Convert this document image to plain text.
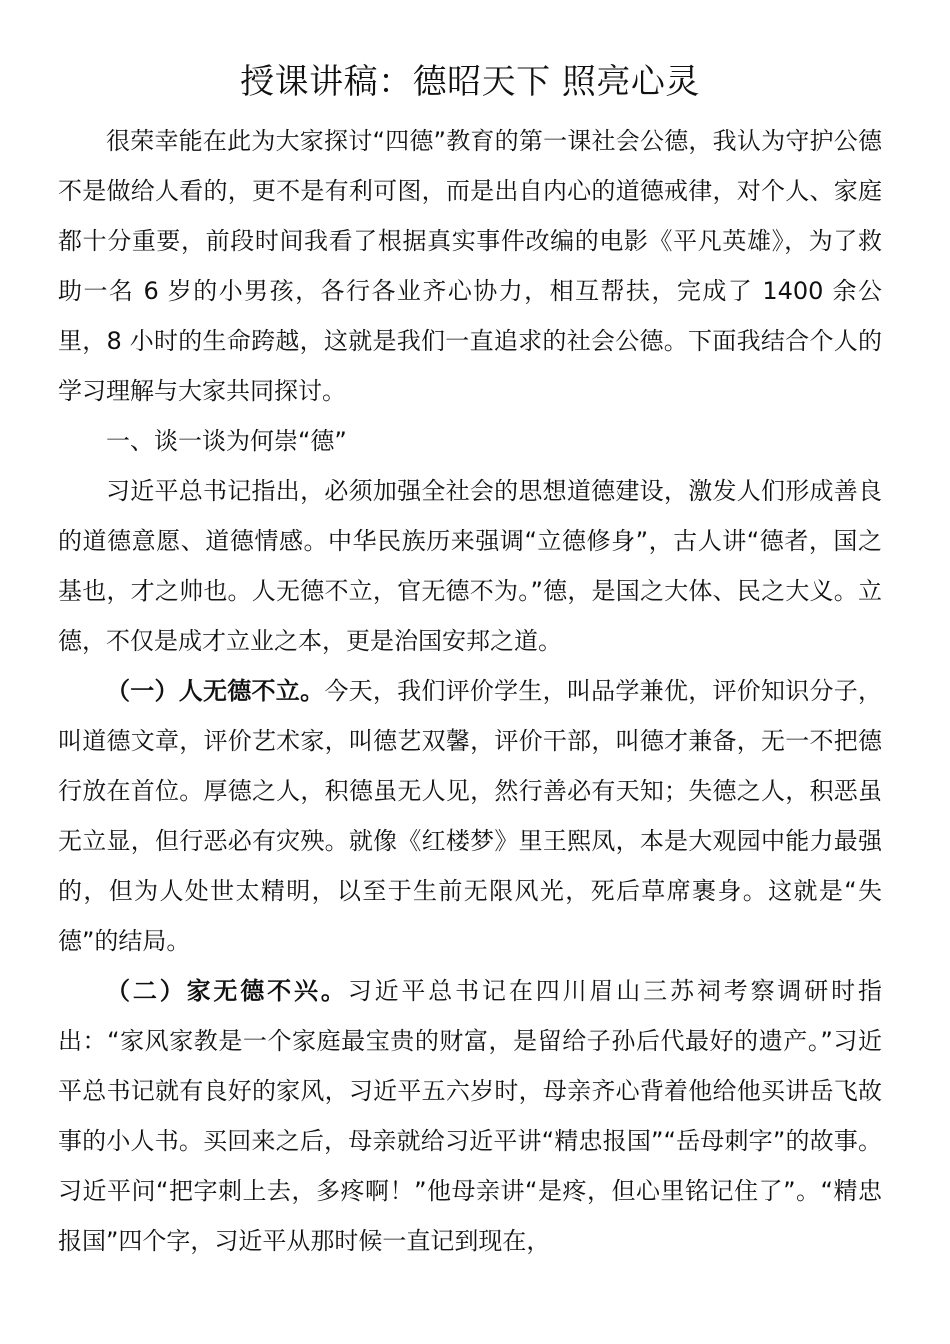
授课讲稿：德昭天下 照亮心灵

很荣幸能在此为大家探讨“四德”教育的第一课社会公德，我认为守护公德不是做给人看的，更不是有利可图，而是出自内心的道德戒律，对个人、家庭都十分重要，前段时间我看了根据真实事件改编的电影《平凡英雄》，为了救助一名 6 岁的小男孩，各行各业齐心协力，相互帮扶，完成了 1400 余公里，8 小时的生命跨越，这就是我们一直追求的社会公德。下面我结合个人的学习理解与大家共同探讨。

一、谈一谈为何崇“德”

习近平总书记指出，必须加强全社会的思想道德建设，激发人们形成善良的道德意愿、道德情感。中华民族历来强调“立德修身”，古人讲“德者，国之基也，才之帅也。人无德不立，官无德不为。”德，是国之大体、民之大义。立德，不仅是成才立业之本，更是治国安邦之道。

（一）人无德不立。今天，我们评价学生，叫品学兼优，评价知识分子，叫道德文章，评价艺术家，叫德艺双馨，评价干部，叫德才兼备，无一不把德行放在首位。厚德之人，积德虽无人见，然行善必有天知；失德之人，积恶虽无立显，但行恶必有灾殃。就像《红楼梦》里王熙凤，本是大观园中能力最强的，但为人处世太精明，以至于生前无限风光，死后草席裹身。这就是“失德”的结局。

（二）家无德不兴。习近平总书记在四川眉山三苏祠考察调研时指出：“家风家教是一个家庭最宝贵的财富，是留给子孙后代最好的遗产。”习近平总书记就有良好的家风，习近平五六岁时，母亲齐心背着他给他买讲岳飞故事的小人书。买回来之后，母亲就给习近平讲“精忠报国”“岳母刺字”的故事。习近平问“把字刺上去，多疼啊！”他母亲讲“是疼，但心里铭记住了”。“精忠报国”四个字，习近平从那时候一直记到现在，
